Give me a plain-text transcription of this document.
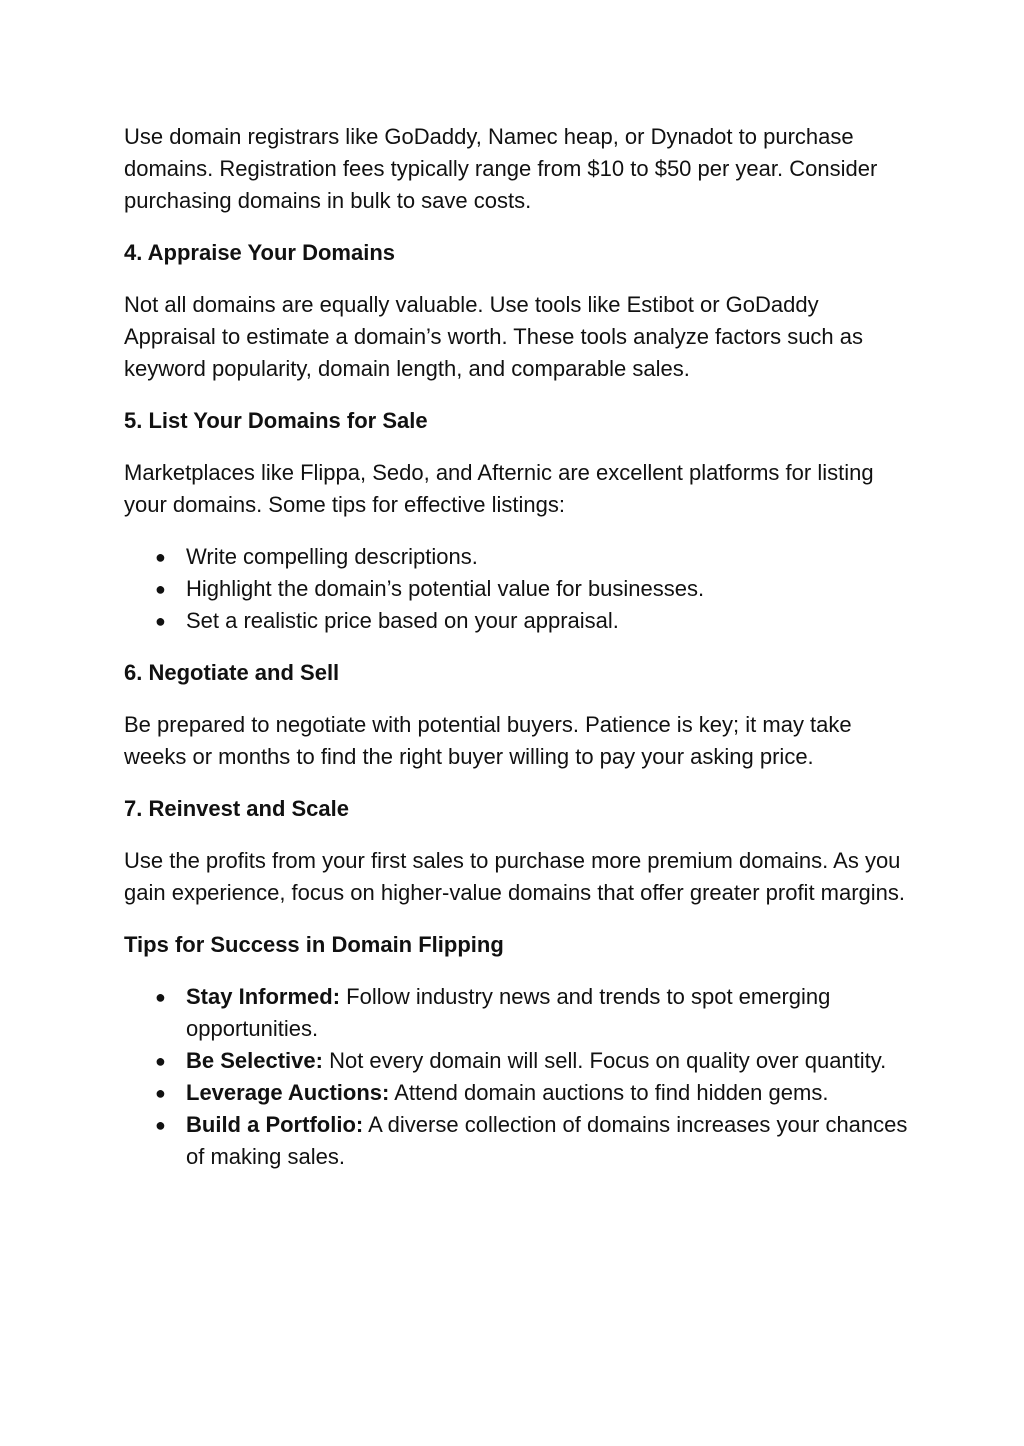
Use domain registrars like GoDaddy, Namec heap, or Dynadot to purchase domains. Registration fees typically range from $10 to $50 per year. Consider purchasing domains in bulk to save costs.

4. Appraise Your Domains

Not all domains are equally valuable. Use tools like Estibot or GoDaddy Appraisal to estimate a domain’s worth. These tools analyze factors such as keyword popularity, domain length, and comparable sales.

5. List Your Domains for Sale

Marketplaces like Flippa, Sedo, and Afternic are excellent platforms for listing your domains. Some tips for effective listings:

● Write compelling descriptions.
● Highlight the domain’s potential value for businesses.
● Set a realistic price based on your appraisal.
6. Negotiate and Sell

Be prepared to negotiate with potential buyers. Patience is key; it may take weeks or months to find the right buyer willing to pay your asking price.

7. Reinvest and Scale

Use the profits from your first sales to purchase more premium domains. As you gain experience, focus on higher-value domains that offer greater profit margins.

Tips for Success in Domain Flipping
● Stay Informed: Follow industry news and trends to spot emerging opportunities.
● Be Selective: Not every domain will sell. Focus on quality over quantity.
● Leverage Auctions: Attend domain auctions to find hidden gems.
● Build a Portfolio: A diverse collection of domains increases your chances of making sales.
